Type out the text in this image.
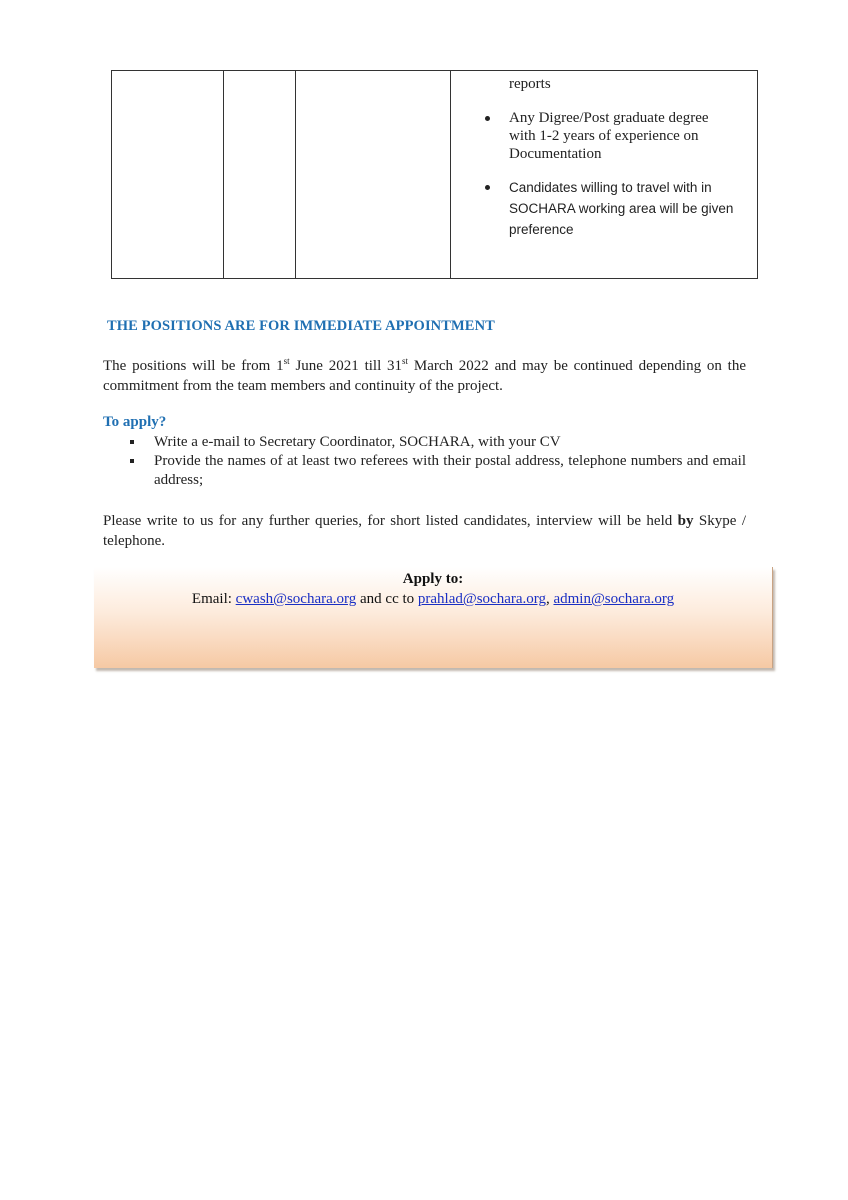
reports
Any Digree/Post graduate degree with 1-2 years of experience on Documentation
Candidates willing to travel with in SOCHARA working area will be given preference

THE POSITIONS ARE FOR IMMEDIATE APPOINTMENT

The positions will be from 1st June 2021 till 31st March 2022 and may be continued depending on the commitment from the team members and continuity of the project.

To apply?

Write a e-mail to Secretary Coordinator, SOCHARA, with your CV
Provide the names of at least two referees with their postal address, telephone numbers and email address;

Please write to us for any further queries, for short listed candidates, interview will be held by Skype / telephone.

Apply to:

Email: cwash@sochara.org and cc to prahlad@sochara.org, admin@sochara.org
